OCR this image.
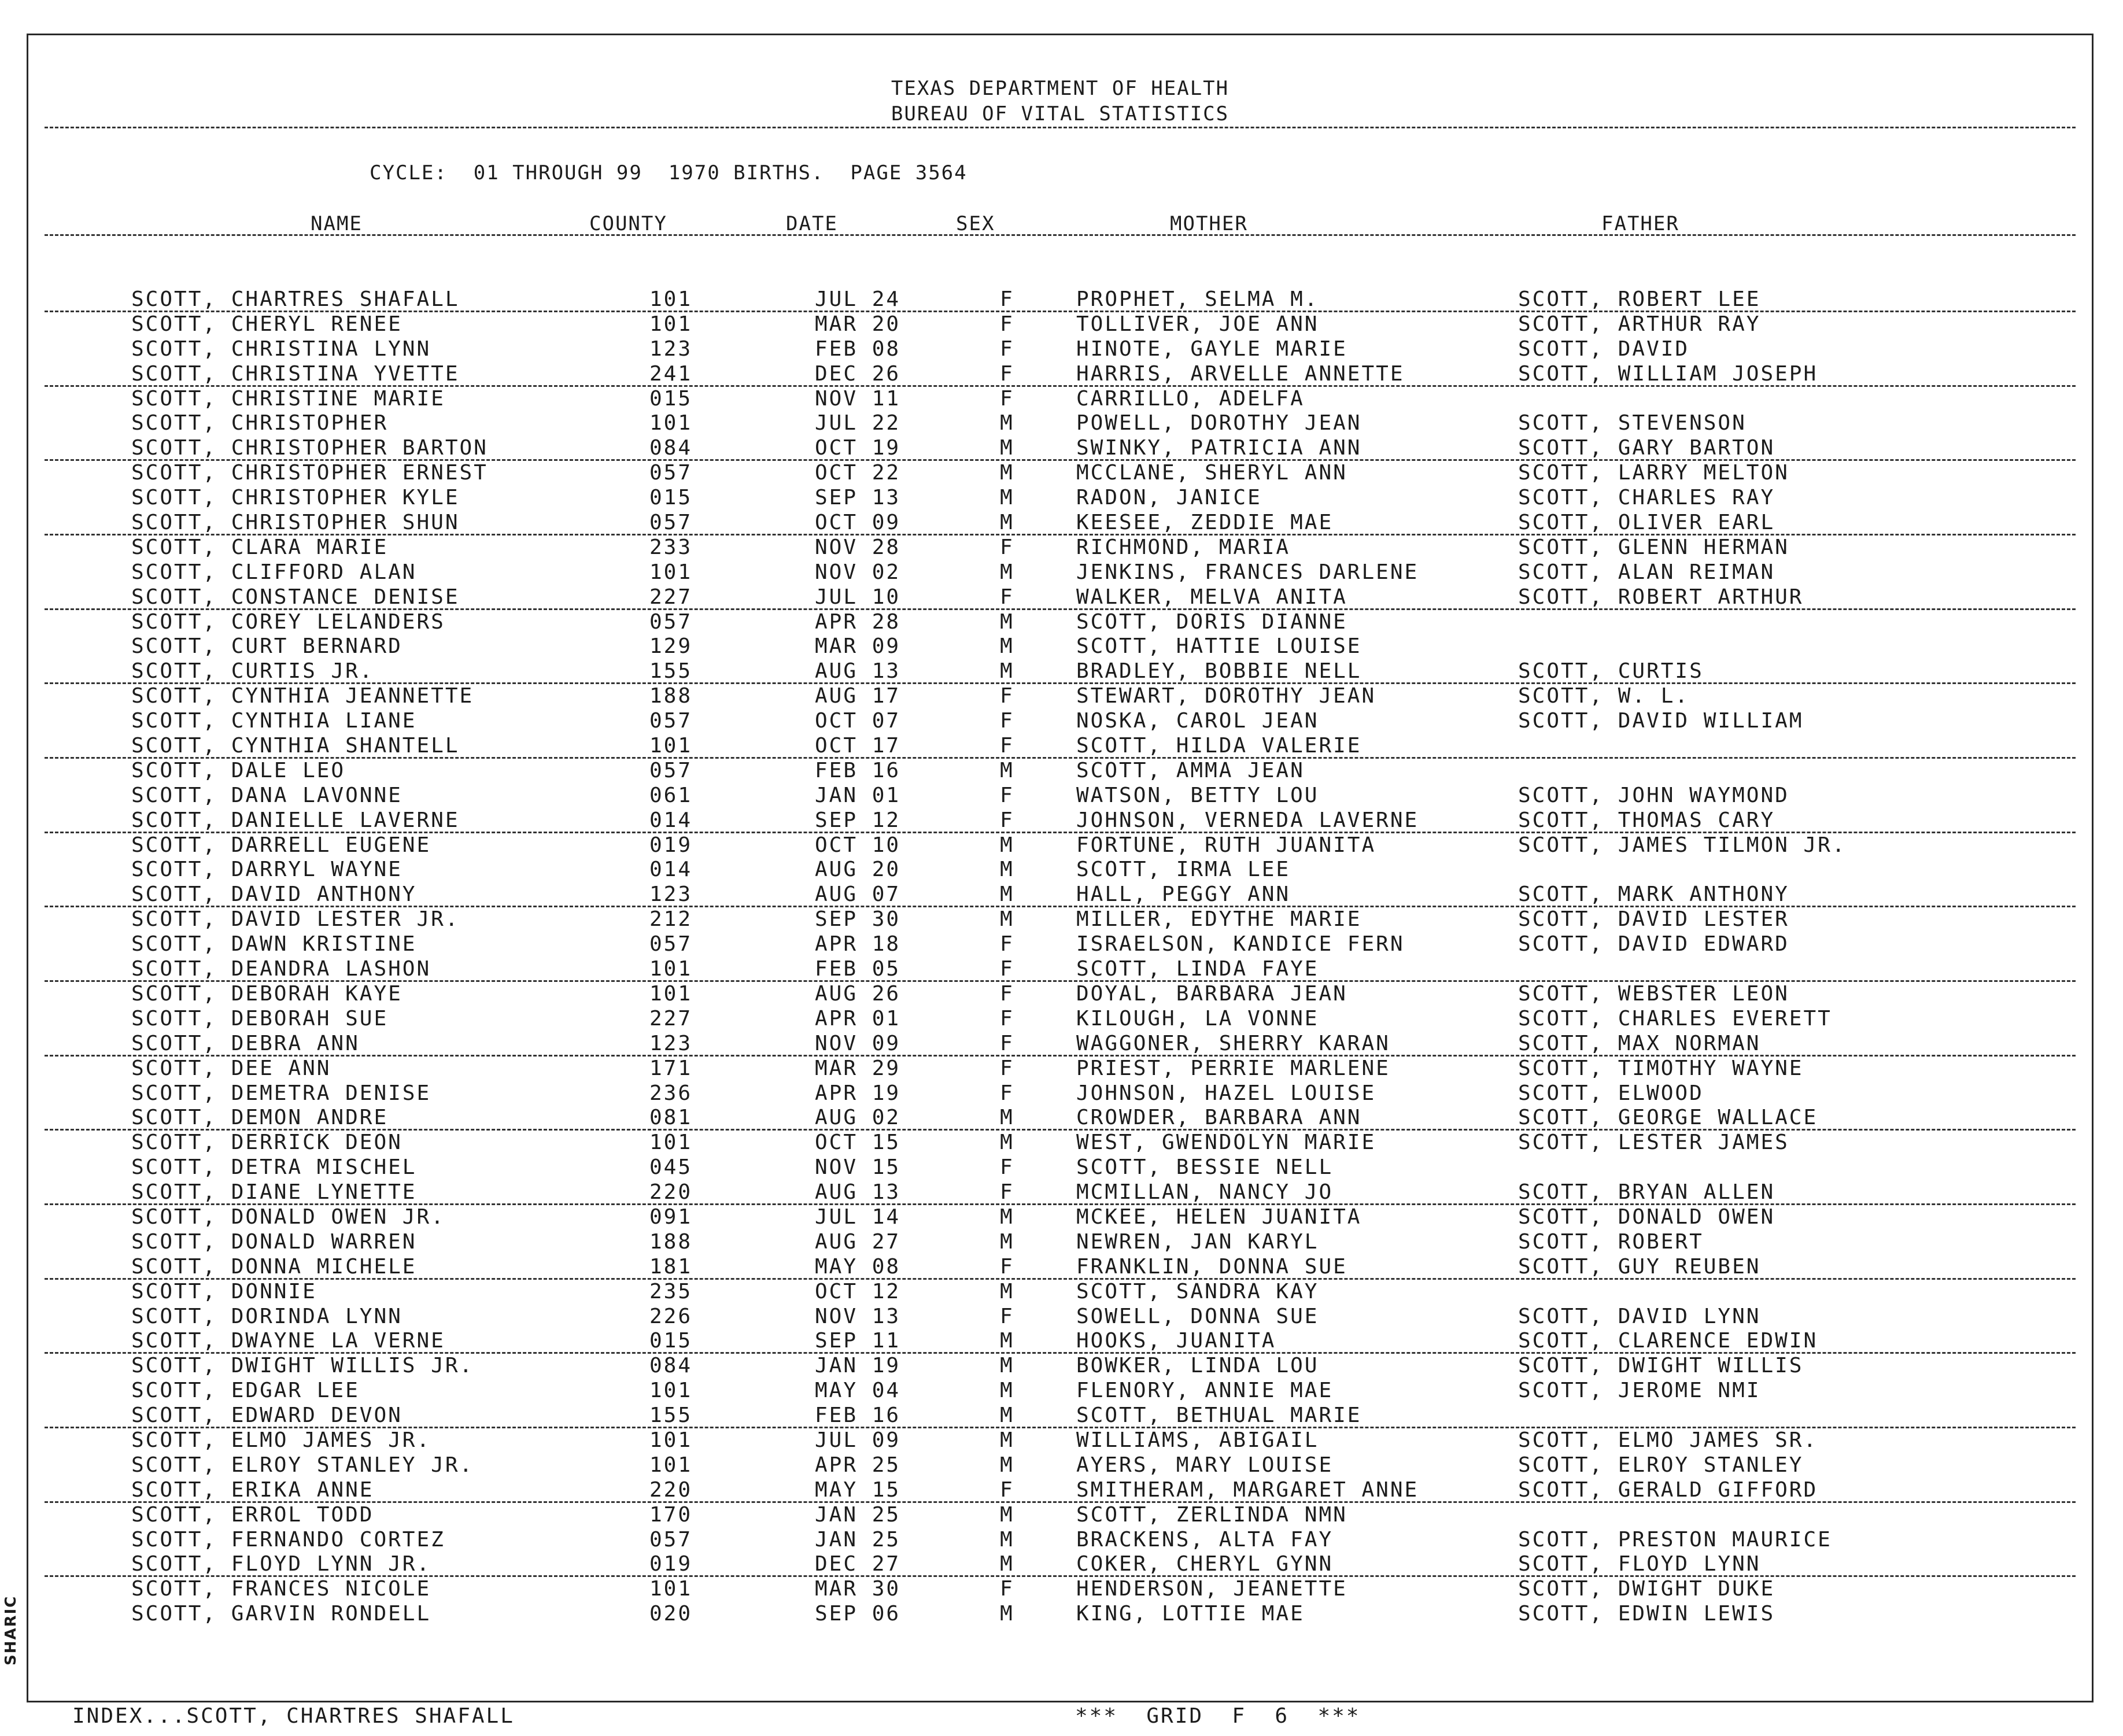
TEXAS DEPARTMENT OF HEALTH
BUREAU OF VITAL STATISTICS
CYCLE:  01 THROUGH 99  1970 BIRTHS.  PAGE 3564
NAME	COUNTY	DATE	SEX	MOTHER	FATHER
SCOTT, CHARTRES SHAFALL	101	JUL 24	F	PROPHET, SELMA M.	SCOTT, ROBERT LEE
SCOTT, CHERYL RENEE	101	MAR 20	F	TOLLIVER, JOE ANN	SCOTT, ARTHUR RAY
SCOTT, CHRISTINA LYNN	123	FEB 08	F	HINOTE, GAYLE MARIE	SCOTT, DAVID
SCOTT, CHRISTINA YVETTE	241	DEC 26	F	HARRIS, ARVELLE ANNETTE	SCOTT, WILLIAM JOSEPH
SCOTT, CHRISTINE MARIE	015	NOV 11	F	CARRILLO, ADELFA
SCOTT, CHRISTOPHER	101	JUL 22	M	POWELL, DOROTHY JEAN	SCOTT, STEVENSON
SCOTT, CHRISTOPHER BARTON	084	OCT 19	M	SWINKY, PATRICIA ANN	SCOTT, GARY BARTON
SCOTT, CHRISTOPHER ERNEST	057	OCT 22	M	MCCLANE, SHERYL ANN	SCOTT, LARRY MELTON
SCOTT, CHRISTOPHER KYLE	015	SEP 13	M	RADON, JANICE	SCOTT, CHARLES RAY
SCOTT, CHRISTOPHER SHUN	057	OCT 09	M	KEESEE, ZEDDIE MAE	SCOTT, OLIVER EARL
SCOTT, CLARA MARIE	233	NOV 28	F	RICHMOND, MARIA	SCOTT, GLENN HERMAN
SCOTT, CLIFFORD ALAN	101	NOV 02	M	JENKINS, FRANCES DARLENE	SCOTT, ALAN REIMAN
SCOTT, CONSTANCE DENISE	227	JUL 10	F	WALKER, MELVA ANITA	SCOTT, ROBERT ARTHUR
SCOTT, COREY LELANDERS	057	APR 28	M	SCOTT, DORIS DIANNE
SCOTT, CURT BERNARD	129	MAR 09	M	SCOTT, HATTIE LOUISE
SCOTT, CURTIS JR.	155	AUG 13	M	BRADLEY, BOBBIE NELL	SCOTT, CURTIS
SCOTT, CYNTHIA JEANNETTE	188	AUG 17	F	STEWART, DOROTHY JEAN	SCOTT, W. L.
SCOTT, CYNTHIA LIANE	057	OCT 07	F	NOSKA, CAROL JEAN	SCOTT, DAVID WILLIAM
SCOTT, CYNTHIA SHANTELL	101	OCT 17	F	SCOTT, HILDA VALERIE
SCOTT, DALE LEO	057	FEB 16	M	SCOTT, AMMA JEAN
SCOTT, DANA LAVONNE	061	JAN 01	F	WATSON, BETTY LOU	SCOTT, JOHN WAYMOND
SCOTT, DANIELLE LAVERNE	014	SEP 12	F	JOHNSON, VERNEDA LAVERNE	SCOTT, THOMAS CARY
SCOTT, DARRELL EUGENE	019	OCT 10	M	FORTUNE, RUTH JUANITA	SCOTT, JAMES TILMON JR.
SCOTT, DARRYL WAYNE	014	AUG 20	M	SCOTT, IRMA LEE
SCOTT, DAVID ANTHONY	123	AUG 07	M	HALL, PEGGY ANN	SCOTT, MARK ANTHONY
SCOTT, DAVID LESTER JR.	212	SEP 30	M	MILLER, EDYTHE MARIE	SCOTT, DAVID LESTER
SCOTT, DAWN KRISTINE	057	APR 18	F	ISRAELSON, KANDICE FERN	SCOTT, DAVID EDWARD
SCOTT, DEANDRA LASHON	101	FEB 05	F	SCOTT, LINDA FAYE
SCOTT, DEBORAH KAYE	101	AUG 26	F	DOYAL, BARBARA JEAN	SCOTT, WEBSTER LEON
SCOTT, DEBORAH SUE	227	APR 01	F	KILOUGH, LA VONNE	SCOTT, CHARLES EVERETT
SCOTT, DEBRA ANN	123	NOV 09	F	WAGGONER, SHERRY KARAN	SCOTT, MAX NORMAN
SCOTT, DEE ANN	171	MAR 29	F	PRIEST, PERRIE MARLENE	SCOTT, TIMOTHY WAYNE
SCOTT, DEMETRA DENISE	236	APR 19	F	JOHNSON, HAZEL LOUISE	SCOTT, ELWOOD
SCOTT, DEMON ANDRE	081	AUG 02	M	CROWDER, BARBARA ANN	SCOTT, GEORGE WALLACE
SCOTT, DERRICK DEON	101	OCT 15	M	WEST, GWENDOLYN MARIE	SCOTT, LESTER JAMES
SCOTT, DETRA MISCHEL	045	NOV 15	F	SCOTT, BESSIE NELL
SCOTT, DIANE LYNETTE	220	AUG 13	F	MCMILLAN, NANCY JO	SCOTT, BRYAN ALLEN
SCOTT, DONALD OWEN JR.	091	JUL 14	M	MCKEE, HELEN JUANITA	SCOTT, DONALD OWEN
SCOTT, DONALD WARREN	188	AUG 27	M	NEWREN, JAN KARYL	SCOTT, ROBERT
SCOTT, DONNA MICHELE	181	MAY 08	F	FRANKLIN, DONNA SUE	SCOTT, GUY REUBEN
SCOTT, DONNIE	235	OCT 12	M	SCOTT, SANDRA KAY
SCOTT, DORINDA LYNN	226	NOV 13	F	SOWELL, DONNA SUE	SCOTT, DAVID LYNN
SCOTT, DWAYNE LA VERNE	015	SEP 11	M	HOOKS, JUANITA	SCOTT, CLARENCE EDWIN
SCOTT, DWIGHT WILLIS JR.	084	JAN 19	M	BOWKER, LINDA LOU	SCOTT, DWIGHT WILLIS
SCOTT, EDGAR LEE	101	MAY 04	M	FLENORY, ANNIE MAE	SCOTT, JEROME NMI
SCOTT, EDWARD DEVON	155	FEB 16	M	SCOTT, BETHUAL MARIE
SCOTT, ELMO JAMES JR.	101	JUL 09	M	WILLIAMS, ABIGAIL	SCOTT, ELMO JAMES SR.
SCOTT, ELROY STANLEY JR.	101	APR 25	M	AYERS, MARY LOUISE	SCOTT, ELROY STANLEY
SCOTT, ERIKA ANNE	220	MAY 15	F	SMITHERAM, MARGARET ANNE	SCOTT, GERALD GIFFORD
SCOTT, ERROL TODD	170	JAN 25	M	SCOTT, ZERLINDA NMN
SCOTT, FERNANDO CORTEZ	057	JAN 25	M	BRACKENS, ALTA FAY	SCOTT, PRESTON MAURICE
SCOTT, FLOYD LYNN JR.	019	DEC 27	M	COKER, CHERYL GYNN	SCOTT, FLOYD LYNN
SCOTT, FRANCES NICOLE	101	MAR 30	F	HENDERSON, JEANETTE	SCOTT, DWIGHT DUKE
SCOTT, GARVIN RONDELL	020	SEP 06	M	KING, LOTTIE MAE	SCOTT, EDWIN LEWIS
INDEX...SCOTT, CHARTRES SHAFALL	***  GRID  F  6  ***
SHARIC
